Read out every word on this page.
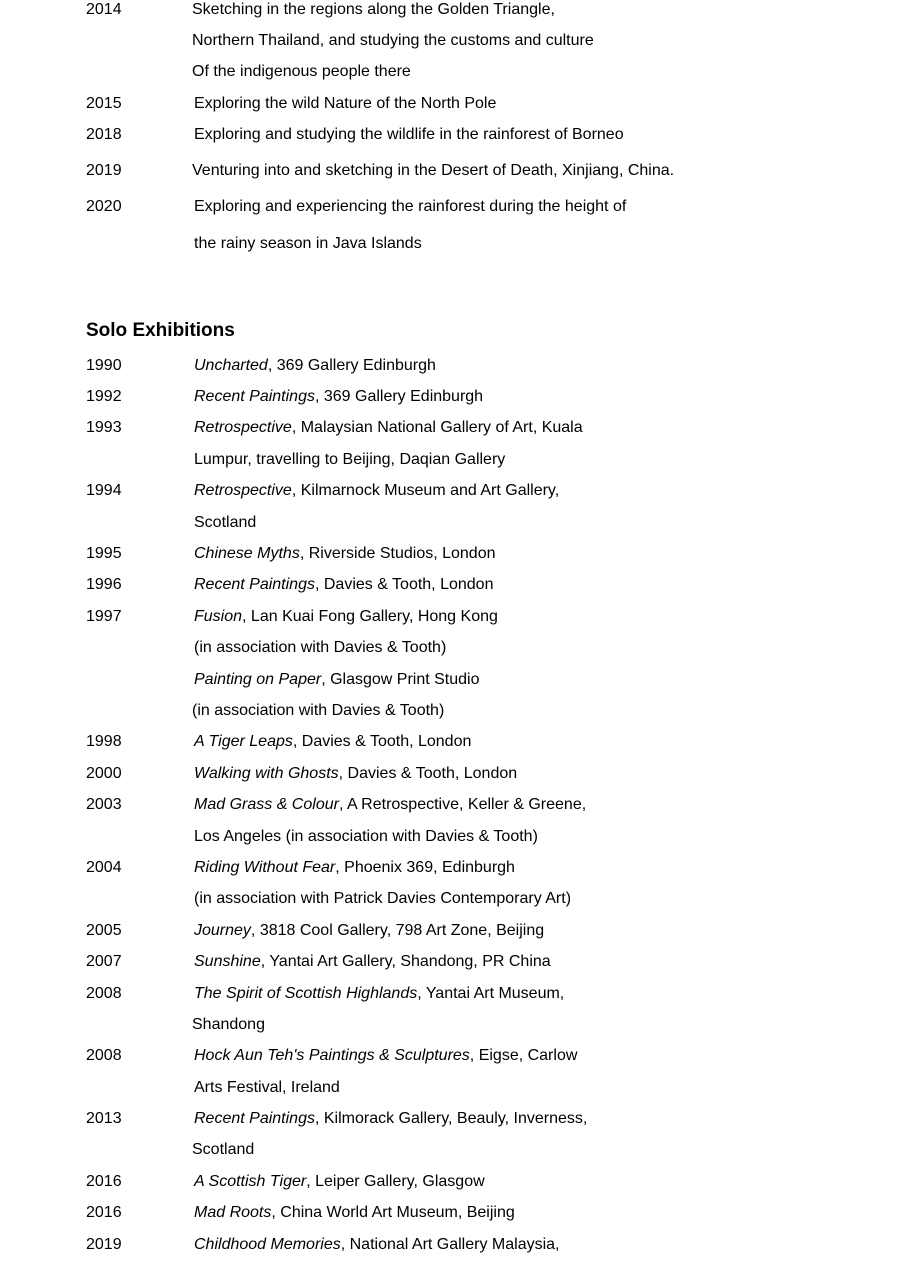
2014	Sketching in the regions along the Golden Triangle,
Northern Thailand, and studying the customs and culture
Of the indigenous people there
2015	Exploring the wild Nature of the North Pole
2018	Exploring and studying the wildlife in the rainforest of Borneo
2019	Venturing into and sketching in the Desert of Death, Xinjiang, China.
2020	Exploring and experiencing the rainforest during the height of
the rainy season in Java Islands
Solo Exhibitions
1990	Uncharted, 369 Gallery Edinburgh
1992	Recent Paintings, 369 Gallery Edinburgh
1993	Retrospective, Malaysian National Gallery of Art, Kuala
Lumpur, travelling to Beijing, Daqian Gallery
1994	Retrospective, Kilmarnock Museum and Art Gallery,
Scotland
1995	Chinese Myths, Riverside Studios, London
1996	Recent Paintings, Davies & Tooth, London
1997	Fusion, Lan Kuai Fong Gallery, Hong Kong
(in association with Davies & Tooth)
Painting on Paper, Glasgow Print Studio
(in association with Davies & Tooth)
1998	A Tiger Leaps, Davies & Tooth, London
2000	Walking with Ghosts, Davies & Tooth, London
2003	Mad Grass & Colour, A Retrospective, Keller & Greene,
Los Angeles (in association with Davies & Tooth)
2004	Riding Without Fear, Phoenix 369, Edinburgh
(in association with Patrick Davies Contemporary Art)
2005	Journey, 3818 Cool Gallery, 798 Art Zone, Beijing
2007	Sunshine, Yantai Art Gallery, Shandong, PR China
2008	The Spirit of Scottish Highlands, Yantai Art Museum,
Shandong
2008	Hock Aun Teh's Paintings & Sculptures, Eigse, Carlow
Arts Festival, Ireland
2013	Recent Paintings, Kilmorack Gallery, Beauly, Inverness,
Scotland
2016	A Scottish Tiger, Leiper Gallery, Glasgow
2016	Mad Roots, China World Art Museum, Beijing
2019	Childhood Memories, National Art Gallery Malaysia,
